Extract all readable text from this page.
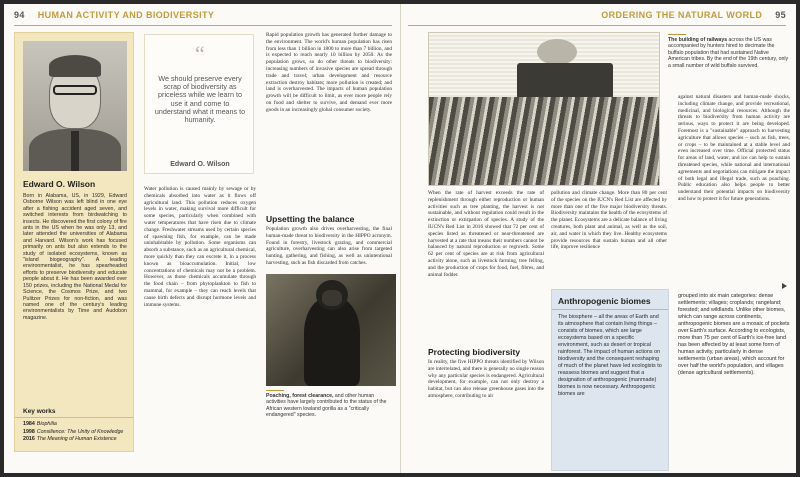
94 HUMAN ACTIVITY AND BIODIVERSITY	ORDERING THE NATURAL WORLD 95
Edward O. Wilson
Born in Alabama, US, in 1929, Edward Osborne Wilson was left blind in one eye after a fishing accident aged seven, and switched interests from birdwatching to insects. He discovered the first colony of fire ants in the US when he was only 13, and later attended the universities of Alabama and Harvard. Wilson's work has focused primarily on ants but also extends to the study of isolated ecosystems, known as "island biogeography". A leading environmentalist, he has spearheaded efforts to preserve biodiversity and educate people about it. He has been awarded over 150 prizes, including the National Medal for Science, the Cosmos Prize, and two Pulitzer Prizes for non-fiction, and was named one of the century's leading environmentalists by Time and Audobon magazine.
Key works
1984 Biophilia
1998 Consilience: The Unity of Knowledge
2016 The Meaning of Human Existence
“
We should preserve every scrap of biodiversity as priceless while we learn to use it and come to understand what it means to humanity.
Edward O. Wilson
Water pollution is caused mainly by sewage or by chemicals absorbed into water as it flows off agricultural land. This pollution reduces oxygen levels in water, making survival more difficult for some species, particularly when combined with water temperatures that have risen due to climate change. Freshwater streams used by certain species of spawning fish, for example, can be made uninhabitable by pollution. Some organisms can absorb a substance, such as an agricultural chemical, more quickly than they can excrete it, in a process known as bioaccumulation. Initial, low concentrations of chemicals may not be a problem. However, as those chemicals accumulate through the food chain – from phytoplankton to fish to mammal, for example – they can reach levels that cause birth defects and disrupt hormone levels and immune systems.
Rapid population growth has generated further damage to the environment. The world's human population has risen from less than 1 billion in 1800 to more than 7 billion, and is expected to reach nearly 10 billion by 2050. As the population grows, so do other threats to biodiversity: increasing numbers of invasive species are spread through trade and travel; urban development and resource extraction destroy habitats; more pollution is created; and land is overharvested. The impacts of human population growth will be difficult to limit, as ever more people rely on food and shelter to survive, and demand ever more goods in an increasingly global consumer society.
Upsetting the balance
Population growth also drives overharvesting, the final human-made threat to biodiversity in the HIPPO acronym. Found in forestry, livestock grazing, and commercial agriculture, overharvesting can also arise from targeted hunting, gathering, and fishing, as well as unintentional harvesting, such as fish discarded from catches.
Poaching, forest clearance, and other human activities have largely contributed to the status of the African western lowland gorilla as a "critically endangered" species.
The building of railways across the US was accompanied by hunters hired to decimate the buffalo population that had sustained Native American tribes. By the end of the 19th century, only a small number of wild buffalo survived.
When the rate of harvest exceeds the rate of replenishment through either reproduction or human activities such as tree planting, the harvest is not sustainable, and without regulation could result in the extinction or extirpation of species. A study of the IUCN's Red List in 2016 showed that 72 per cent of species listed as threatened or near-threatened are harvested at a rate that means their numbers cannot be balanced by natural reproduction or regrowth. Some 62 per cent of species are at risk from agricultural activity alone, such as livestock farming, tree felling, and the production of crops for food, fuel, fibres, and animal fodder.
Protecting biodiversity
In reality, the five HIPPO threats identified by Wilson are interrelated, and there is generally no single reason why any particular species is endangered. Agricultural development, for example, can not only destroy a habitat, but can also release greenhouse gases into the atmosphere, contributing to air
pollution and climate change. More than 80 per cent of the species on the IUCN's Red List are affected by more than one of the five major biodiversity threats. Biodiversity maintains the health of the ecosystems of the planet. Ecosystems are a delicate balance of living creatures, both plant and animal, as well as the soil, air, and water in which they live. Healthy ecosystems provide resources that sustain human and all other life, improve resilience
against natural disasters and human-made shocks, including climate change, and provide recreational, medicinal, and biological resources. Although the threats to biodiversity from human activity are serious, ways to protect it are being developed. Foremost is a "sustainable" approach to harvesting agriculture that allows species – such as fish, trees, or crops – to be maintained at a stable level and even increased over time. Official protected status for areas of land, water, and ice can help to sustain threatened species, while national and international agreements and negotiations can mitigate the impact of both legal and illegal trade, such as poaching. Public education also helps people to better understand their potential impacts on biodiversity and how to protect it for future generations.
Anthropogenic biomes
The biosphere – all the areas of Earth and its atmosphere that contain living things – consists of biomes, which are large ecosystems based on a specific environment, such as desert or tropical rainforest. The impact of human actions on biodiversity and the consequent reshaping of much of the planet have led ecologists to reassess biomes and suggest that a designation of anthropogenic (manmade) biomes is now necessary. Anthropogenic biomes are
grouped into six main categories: dense settlements; villages; croplands; rangeland; forested; and wildlands. Unlike other biomes, which can range across continents, anthropogenic biomes are a mosaic of pockets over Earth's surface. According to ecologists, more than 75 per cent of Earth's ice-free land has been affected by at least some form of human activity, particularly in dense settlements (urban areas), which account for over half the world's population, and villages (dense agricultural settlements).
